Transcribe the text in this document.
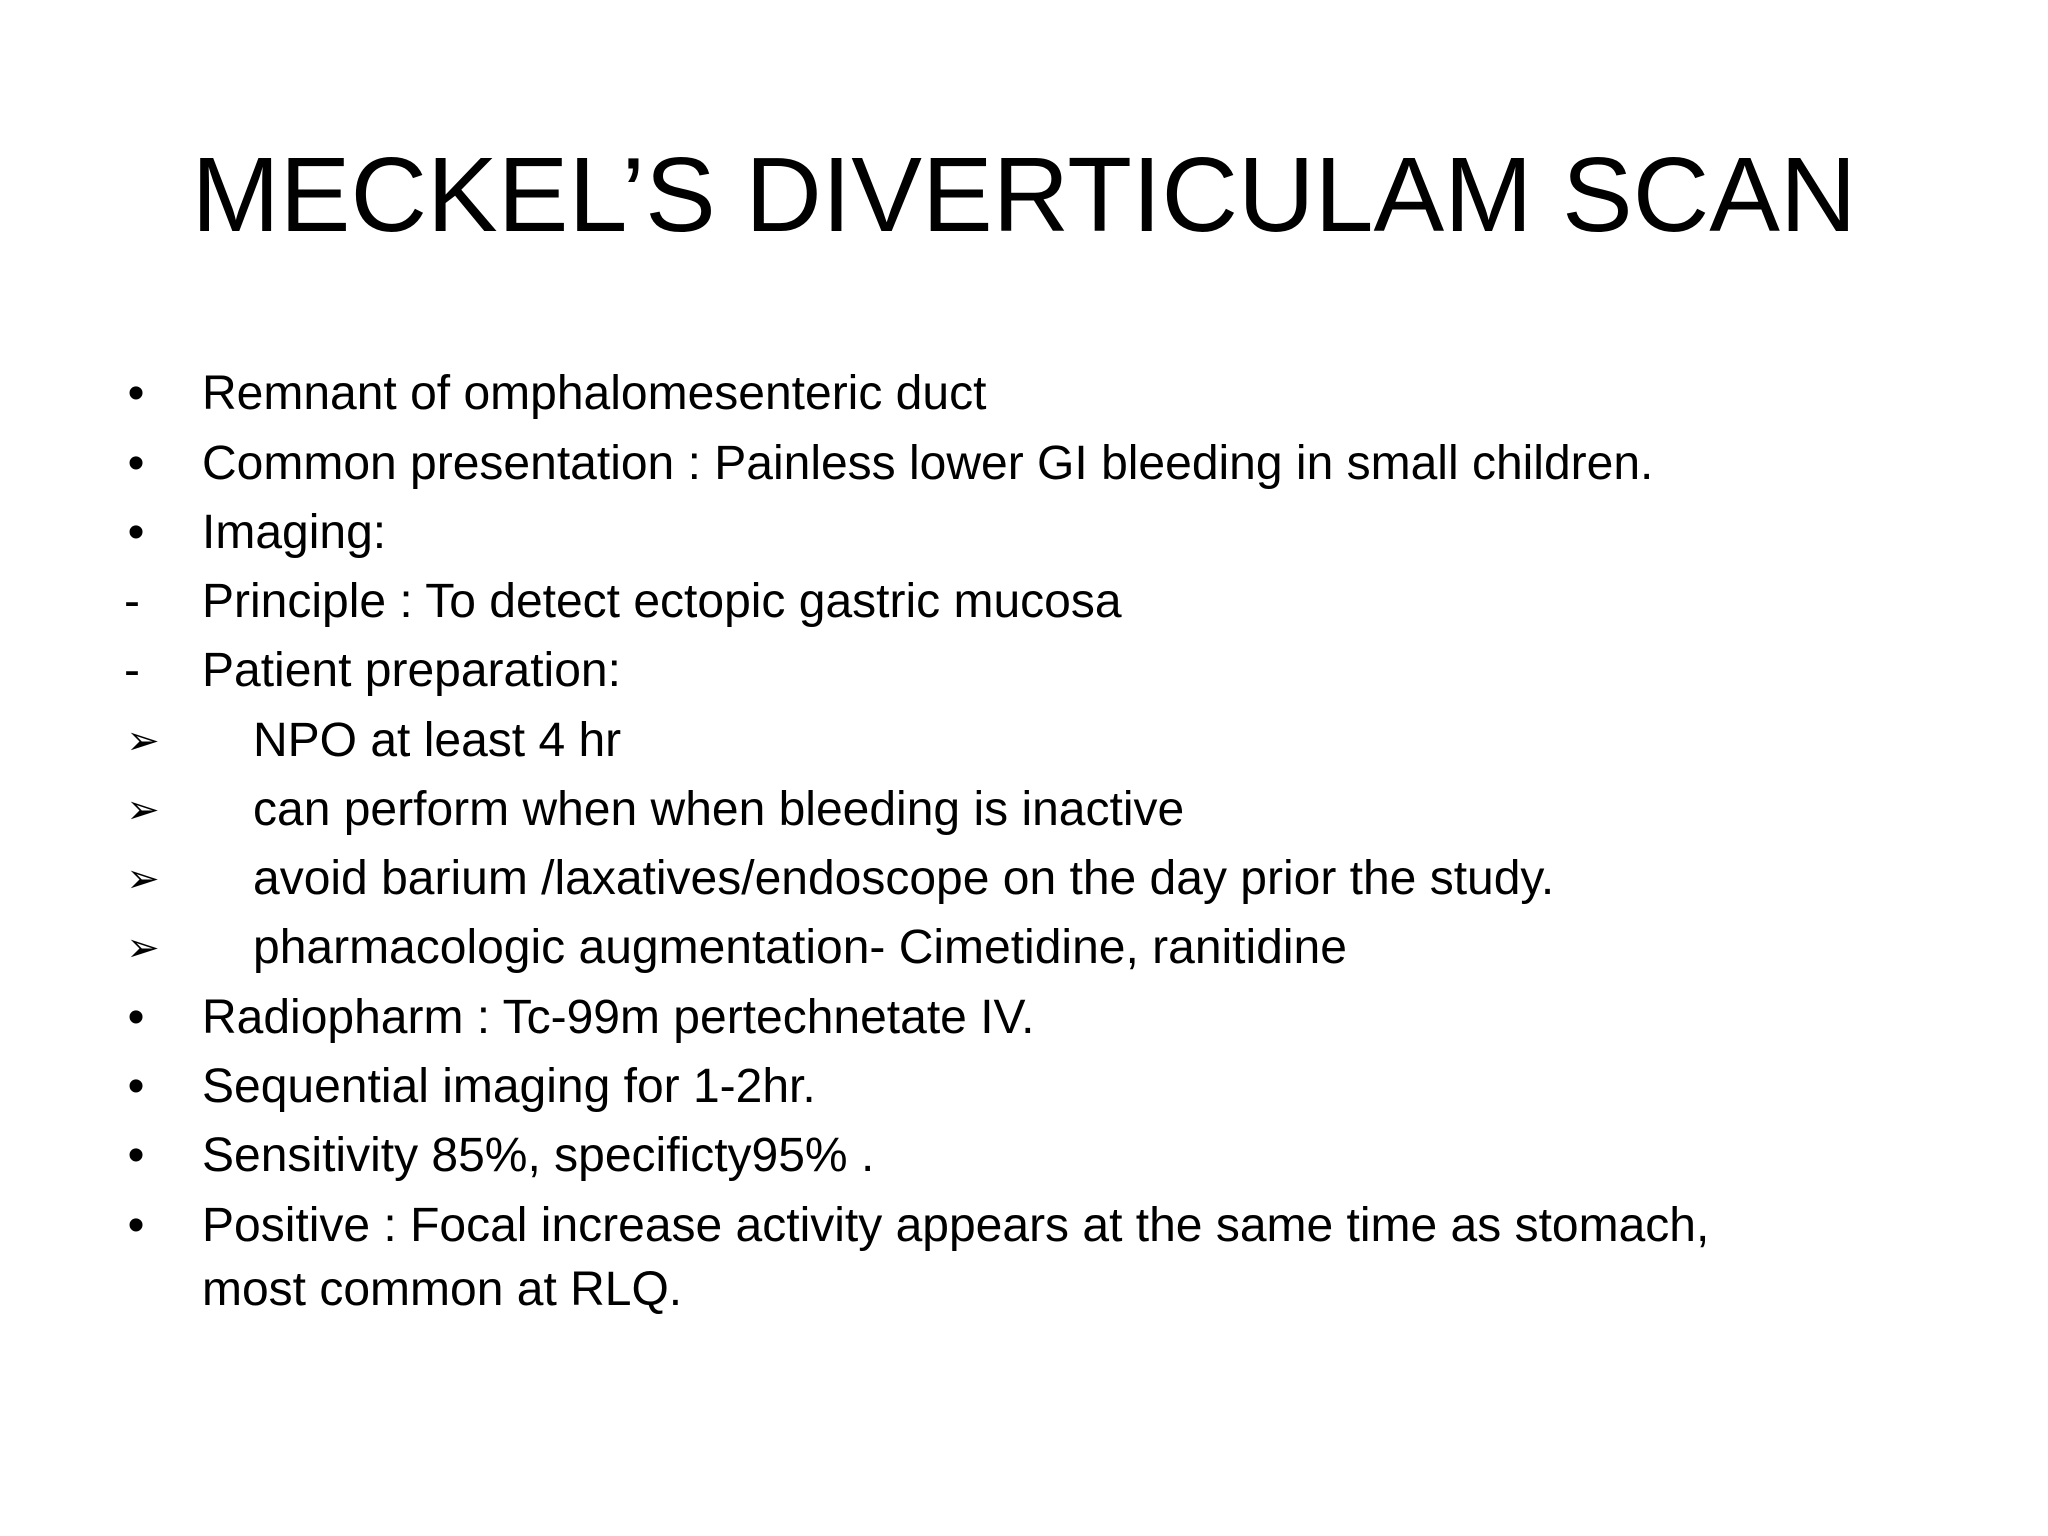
MECKEL’S DIVERTICULAM SCAN
•	Remnant of omphalomesenteric duct
•	Common presentation : Painless lower GI bleeding in small children.
•	Imaging:
-	Principle : To detect ectopic gastric mucosa
-	Patient preparation:
➢ NPO at least 4 hr
➢ can perform when when bleeding is inactive
➢ avoid barium /laxatives/endoscope on the day prior the study.
➢ pharmacologic augmentation- Cimetidine, ranitidine
•	Radiopharm : Tc-99m pertechnetate IV.
•	Sequential imaging for 1-2hr.
•	Sensitivity 85%, specificty95% .
•	Positive : Focal increase activity appears at the same time as stomach,
most common at RLQ.
